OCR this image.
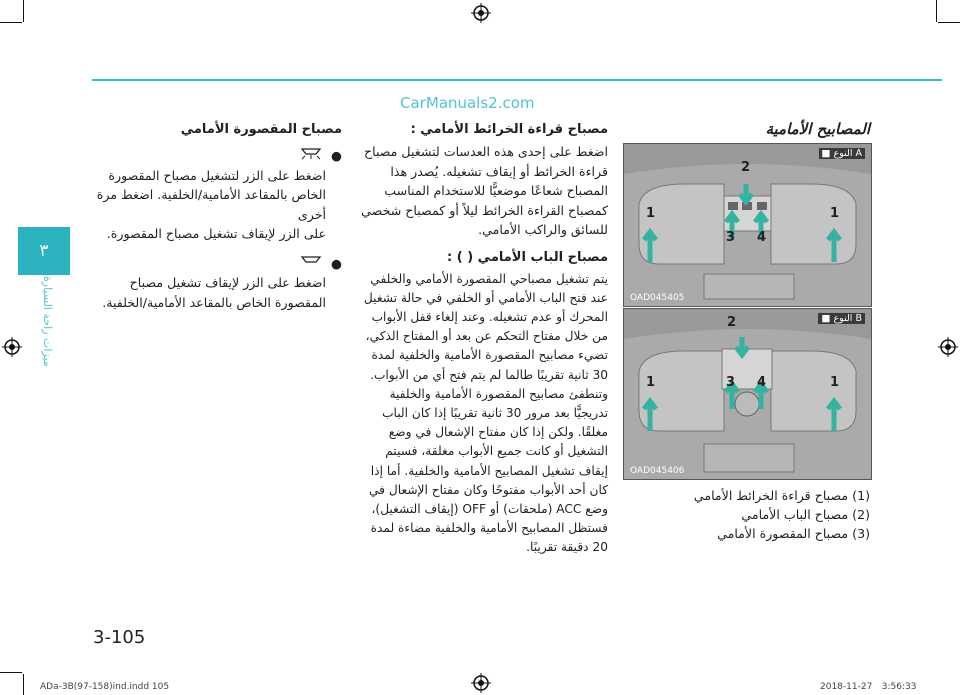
CarManuals2.com
٣
ميزات راحة السيارة
المصابيح الأمامية
1
2
3 4
1
A النوع ■
OAD045405
2
1	3 4	1
B النوع ■
OAD045406
(1) مصباح قراءة الخرائط الأمامي
(2) مصباح الباب الأمامي
(3) مصباح المقصورة الأمامي
مصباح قراءة الخرائط الأمامي :

اضغط على إحدى هذه العدسات لتشغيل مصباح قراءة الخرائط أو إيقاف تشغيله. يُصدر هذا المصباح شعاعًا موضعيًّا للاستخدام المناسب كمصباح القراءة الخرائط ليلاً أو كمصباح شخصي للسائق والراكب الأمامي.

مصباح الباب الأمامي ( ) :

يتم تشغيل مصباحي المقصورة الأمامي والخلفي عند فتح الباب الأمامي أو الخلفي في حالة تشغيل المحرك أو عدم تشغيله. وعند إلغاء قفل الأبواب من خلال مفتاح التحكم عن بعد أو المفتاح الذكي، تضيء مصابيح المقصورة الأمامية والخلفية لمدة 30 ثانية تقريبًا طالما لم يتم فتح أي من الأبواب. وتنطفئ مصابيح المقصورة الأمامية والخلفية تدريجيًّا بعد مرور 30 ثانية تقريبًا إذا كان الباب مغلقًا. ولكن إذا كان مفتاح الإشعال في وضع التشغيل أو كانت جميع الأبواب مغلقة، فسيتم إيقاف تشغيل المصابيح الأمامية والخلفية. أما إذا كان أحد الأبواب مفتوحًا وكان مفتاح الإشعال في وضع ACC (ملحقات) أو OFF (إيقاف التشغيل)، فستظل المصابيح الأمامية والخلفية مضاءة لمدة 20 دقيقة تقريبًا.

مصباح المقصورة الأمامي
●
اضغط على الزر لتشغيل مصباح المقصورة
الخاص بالمقاعد الأمامية/الخلفية. اضغط مرة أخرى
على الزر لإيقاف تشغيل مصباح المقصورة.
●
اضغط على الزر لإيقاف تشغيل مصباح
المقصورة الخاص بالمقاعد الأمامية/الخلفية.
3-105
ADa-3B(97-158)ind.indd 105	2018-11-27 ⠀3:56:33
